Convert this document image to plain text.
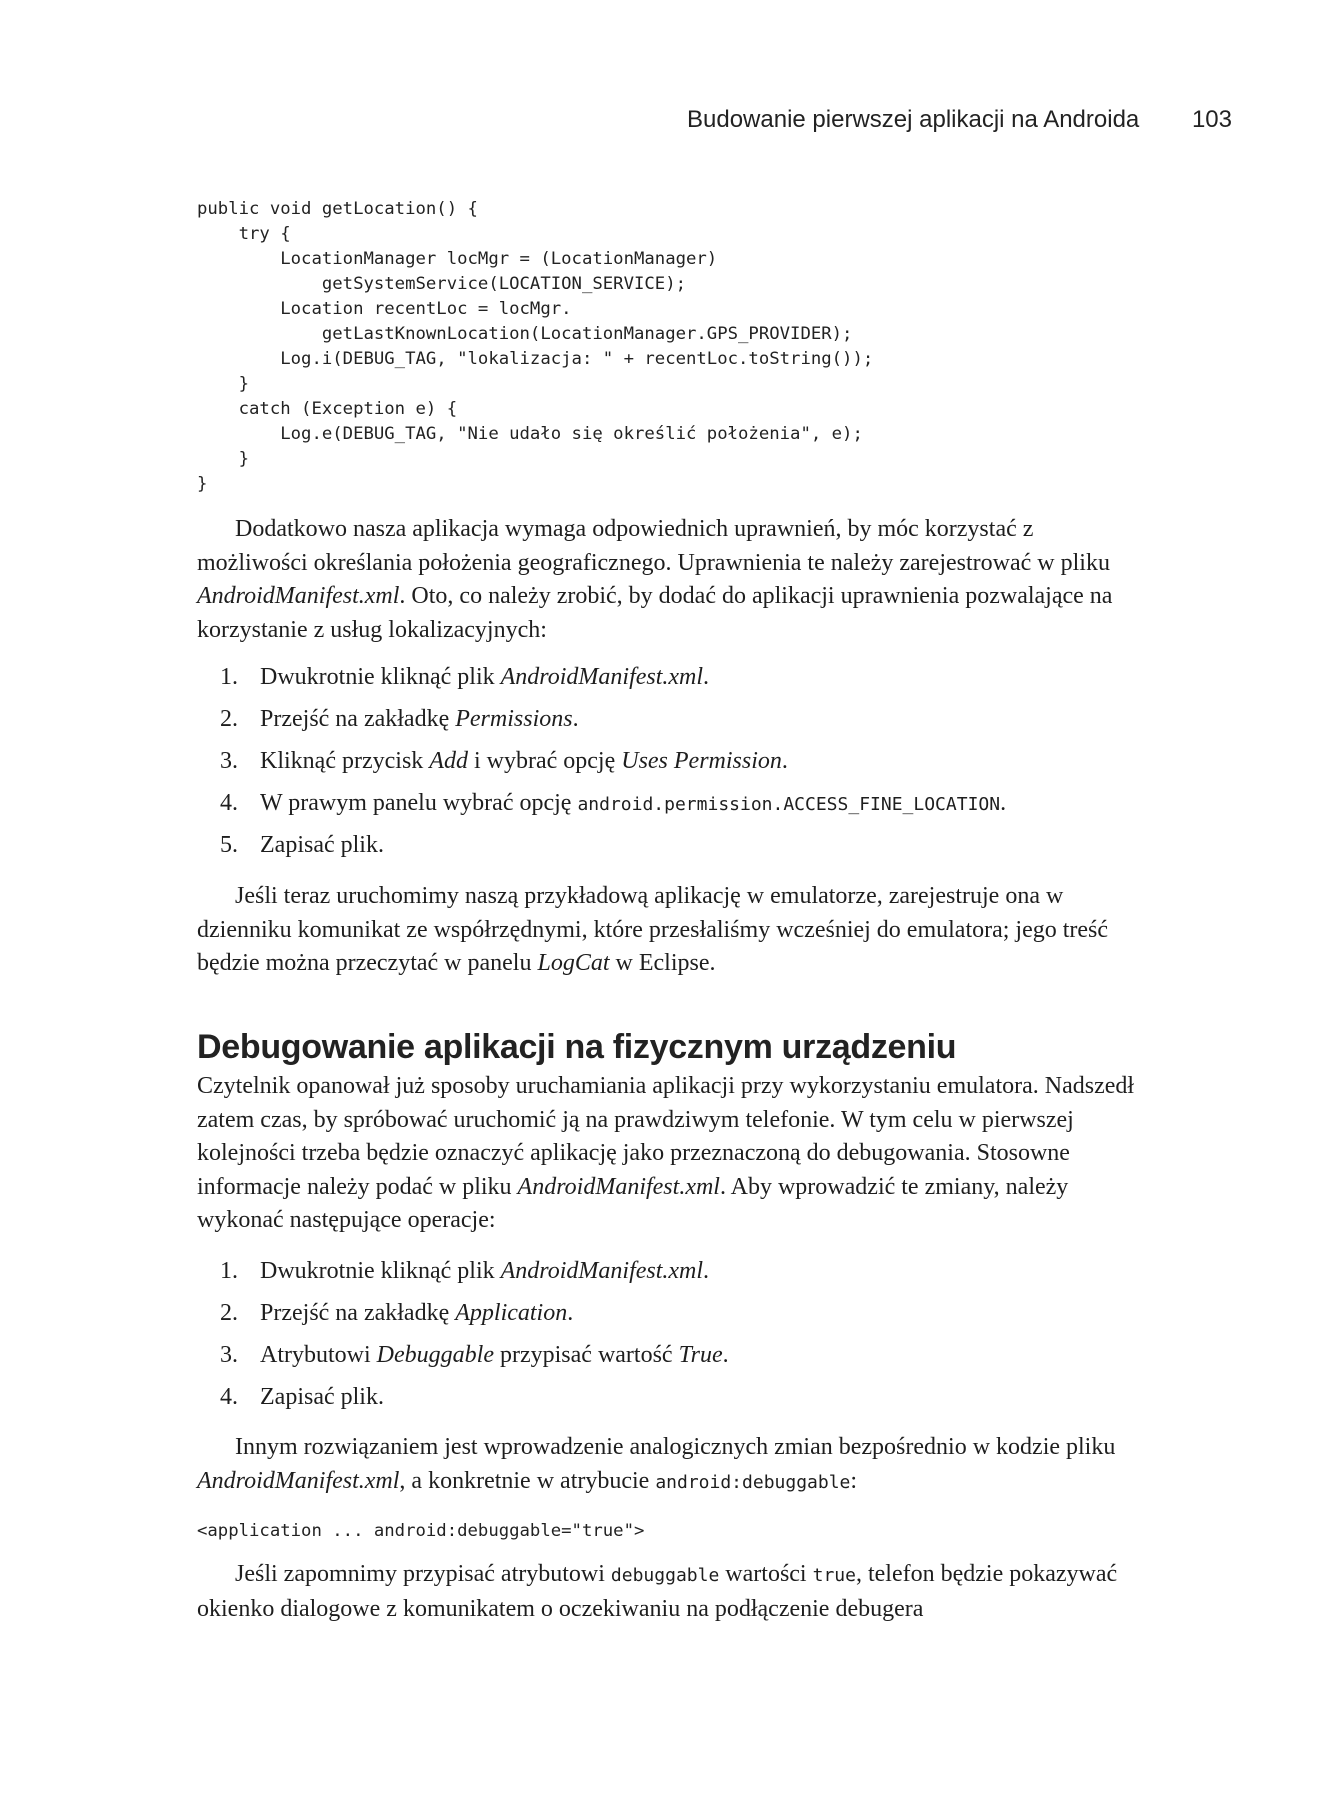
Budowanie pierwszej aplikacji na Androida 103
public void getLocation() {
try {
LocationManager locMgr = (LocationManager)
getSystemService(LOCATION_SERVICE);
Location recentLoc = locMgr.
getLastKnownLocation(LocationManager.GPS_PROVIDER);
Log.i(DEBUG_TAG, "lokalizacja: " + recentLoc.toString());
}
catch (Exception e) {
Log.e(DEBUG_TAG, "Nie udało się określić położenia", e);
}
}

Dodatkowo nasza aplikacja wymaga odpowiednich uprawnień, by móc korzystać z możliwości określania położenia geograficznego. Uprawnienia te należy zarejestrować w pliku AndroidManifest.xml. Oto, co należy zrobić, by dodać do aplikacji uprawnienia pozwalające na korzystanie z usług lokalizacyjnych:

1. Dwukrotnie kliknąć plik AndroidManifest.xml.
2. Przejść na zakładkę Permissions.
3. Kliknąć przycisk Add i wybrać opcję Uses Permission.
4. W prawym panelu wybrać opcję android.permission.ACCESS_FINE_LOCATION.
5. Zapisać plik.

Jeśli teraz uruchomimy naszą przykładową aplikację w emulatorze, zarejestruje ona w dzienniku komunikat ze współrzędnymi, które przesłaliśmy wcześniej do emulatora; jego treść będzie można przeczytać w panelu LogCat w Eclipse.

Debugowanie aplikacji na fizycznym urządzeniu

Czytelnik opanował już sposoby uruchamiania aplikacji przy wykorzystaniu emulatora. Nadszedł zatem czas, by spróbować uruchomić ją na prawdziwym telefonie. W tym celu w pierwszej kolejności trzeba będzie oznaczyć aplikację jako przeznaczoną do debugowania. Stosowne informacje należy podać w pliku AndroidManifest.xml. Aby wprowadzić te zmiany, należy wykonać następujące operacje:

1. Dwukrotnie kliknąć plik AndroidManifest.xml.
2. Przejść na zakładkę Application.
3. Atrybutowi Debuggable przypisać wartość True.
4. Zapisać plik.

Innym rozwiązaniem jest wprowadzenie analogicznych zmian bezpośrednio w kodzie pliku AndroidManifest.xml, a konkretnie w atrybucie android:debuggable:

<application ... android:debuggable="true">

Jeśli zapomnimy przypisać atrybutowi debuggable wartości true, telefon będzie pokazywać okienko dialogowe z komunikatem o oczekiwaniu na podłączenie debugera
